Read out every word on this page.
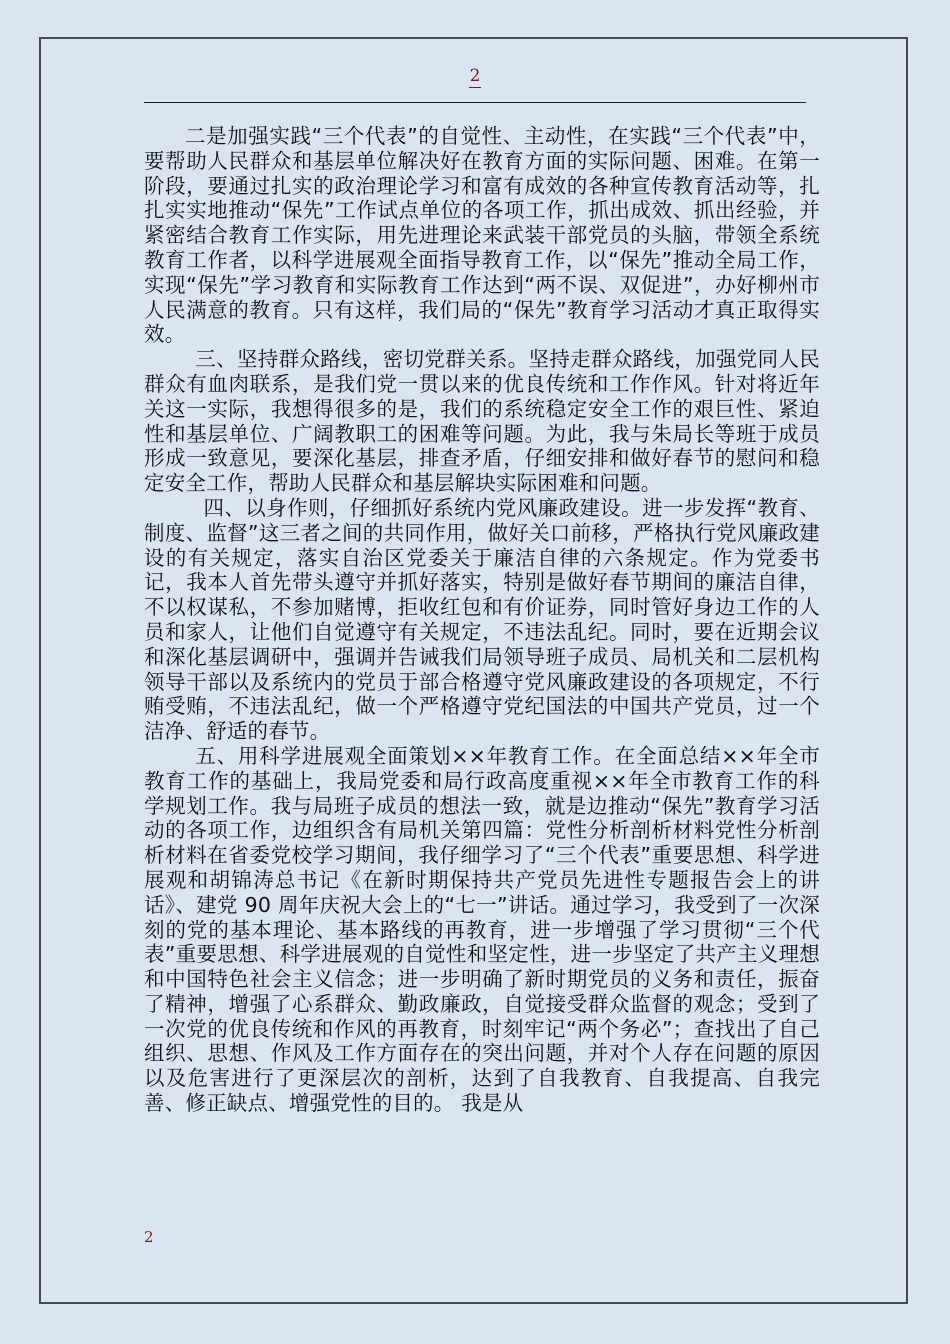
2

二是加强实践“三个代表”的自觉性、主动性，在实践“三个代表”中，要帮助人民群众和基层单位解决好在教育方面的实际问题、困难。在第一阶段，要通过扎实的政治理论学习和富有成效的各种宣传教育活动等，扎扎实实地推动“保先”工作试点单位的各项工作，抓出成效、抓出经验，并紧密结合教育工作实际，用先进理论来武装干部党员的头脑，带领全系统教育工作者，以科学进展观全面指导教育工作，以“保先”推动全局工作，实现“保先”学习教育和实际教育工作达到“两不误、双促进”，办好柳州市人民满意的教育。只有这样，我们局的“保先”教育学习活动才真正取得实效。

三、坚持群众路线，密切党群关系。坚持走群众路线，加强党同人民群众有血肉联系，是我们党一贯以来的优良传统和工作作风。针对将近年关这一实际，我想得很多的是，我们的系统稳定安全工作的艰巨性、紧迫性和基层单位、广阔教职工的困难等问题。为此，我与朱局长等班于成员形成一致意见，要深化基层，排查矛盾，仔细安排和做好春节的慰问和稳定安全工作，帮助人民群众和基层解块实际困难和问题。

四、以身作则，仔细抓好系统内党风廉政建设。进一步发挥“教育、制度、监督”这三者之间的共同作用，做好关口前移，严格执行党风廉政建设的有关规定，落实自治区党委关于廉洁自律的六条规定。作为党委书记，我本人首先带头遵守并抓好落实，特别是做好春节期间的廉洁自律，不以权谋私，不参加赌博，拒收红包和有价证券，同时管好身边工作的人员和家人，让他们自觉遵守有关规定，不违法乱纪。同时，要在近期会议和深化基层调研中，强调并告诫我们局领导班子成员、局机关和二层机构领导干部以及系统内的党员于部合格遵守党风廉政建设的各项规定，不行贿受贿，不违法乱纪，做一个严格遵守党纪国法的中国共产党员，过一个洁净、舒适的春节。

五、用科学进展观全面策划××年教育工作。在全面总结××年全市教育工作的基础上，我局党委和局行政高度重视××年全市教育工作的科学规划工作。我与局班子成员的想法一致，就是边推动“保先”教育学习活动的各项工作，边组织含有局机关第四篇：党性分析剖析材料党性分析剖析材料在省委党校学习期间，我仔细学习了“三个代表”重要思想、科学进展观和胡锦涛总书记《在新时期保持共产党员先进性专题报告会上的讲话》、建党 90 周年庆祝大会上的“七一”讲话。通过学习，我受到了一次深刻的党的基本理论、基本路线的再教育，进一步增强了学习贯彻“三个代表”重要思想、科学进展观的自觉性和坚定性，进一步坚定了共产主义理想和中国特色社会主义信念；进一步明确了新时期党员的义务和责任，振奋了精神，增强了心系群众、勤政廉政，自觉接受群众监督的观念；受到了一次党的优良传统和作风的再教育，时刻牢记“两个务必”；查找出了自己组织、思想、作风及工作方面存在的突出问题，并对个人存在问题的原因以及危害进行了更深层次的剖析，达到了自我教育、自我提高、自我完善、修正缺点、增强党性的目的。 我是从

2
